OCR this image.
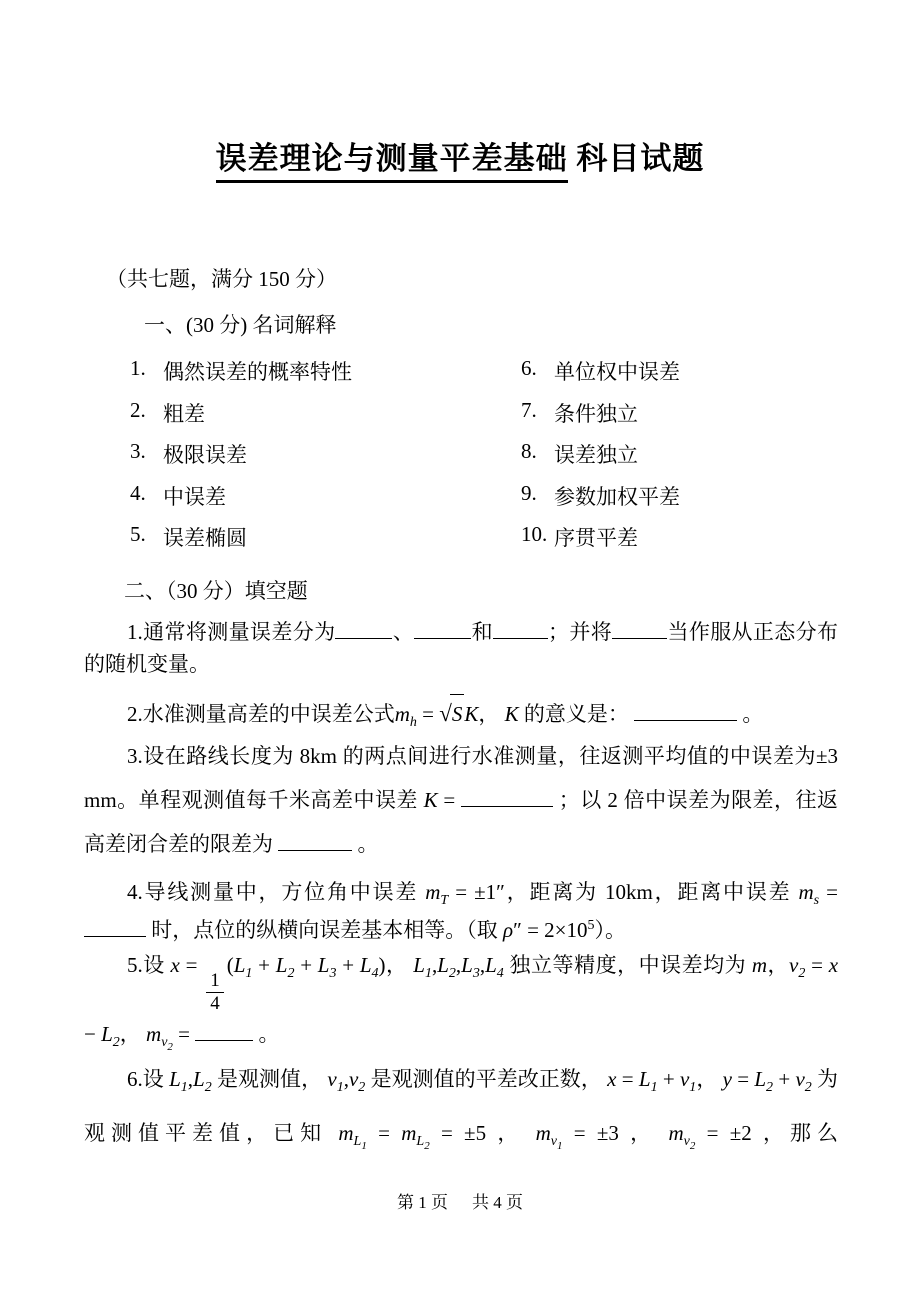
误差理论与测量平差基础 科目试题
（共七题，满分 150 分）
一、(30 分) 名词解释
1. 偶然误差的概率特性
2. 粗差
3. 极限误差
4. 中误差
5. 误差椭圆
6. 单位权中误差
7. 条件独立
8. 误差独立
9. 参数加权平差
10. 序贯平差
二、（30 分）填空题

1.通常将测量误差分为	、	和	；并将	当作服从正态分布的随机变量。

2.水准测量高差的中误差公式$m_h = √SK$， K 的意义是：	。

3.设在路线长度为 8km 的两点间进行水准测量，往返测平均值的中误差为±3 mm。单程观测值每千米高差中误差 K =	；以 2 倍中误差为限差，往返高差闭合差的限差为	。

4.导线测量中，方位角中误差 $m_T = \pm 1''$，距离为 10km，距离中误差 $m_s$ =  时，点位的纵横向误差基本相等。（取 $\rho'' = 2\times 10^5$）。

5.设 x =
$\frac{1}{4}$
$(L_1 + L_2 + L_3 + L_4)$， $L_1,L_2,L_3,L_4$ 独立等精度，中误差均为 m，$v_2 = x - L_2$， $m_{v_2}$ =	。

6.设 $L_1,L_2$ 是观测值， $v_1,v_2$ 是观测值的平差改正数， $x = L_1 + v_1$， $y = L_2 + v_2$ 为观测值平差值，已知 $m_{L_1} = m_{L_2} = \pm 5$ ， $m_{v_1} = \pm 3$ ， $m_{v_2} = \pm 2$ ，那么

第 1 页 共 4 页
